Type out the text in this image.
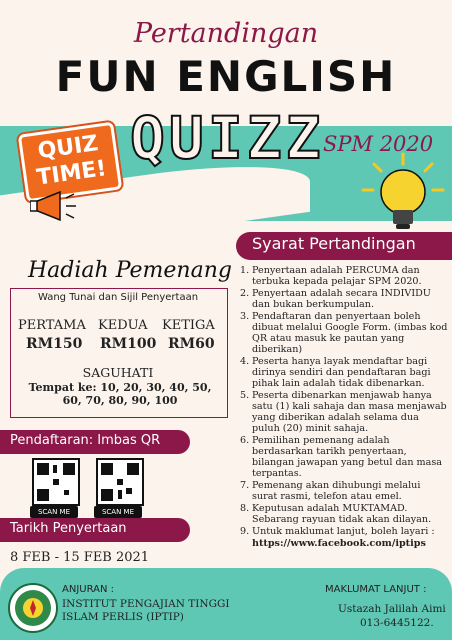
Pertandingan
FUN ENGLISH
QUIZZ
SPM 2020
QUIZ
TIME!
Syarat Pertandingan
1. Penyertaan adalah PERCUMA dan terbuka kepada pelajar SPM 2020.
2. Penyertaan adalah secara INDIVIDU dan bukan berkumpulan.
3. Pendaftaran dan penyertaan boleh dibuat melalui Google Form. (imbas kod QR atau masuk ke pautan yang diberikan)
4. Peserta hanya layak mendaftar bagi dirinya sendiri dan pendaftaran bagi pihak lain adalah tidak dibenarkan.
5. Peserta dibenarkan menjawab hanya satu (1) kali sahaja dan masa menjawab yang diberikan adalah selama dua puluh (20) minit sahaja.
6. Pemilihan pemenang adalah berdasarkan tarikh penyertaan, bilangan jawapan yang betul dan masa terpantas.
7. Pemenang akan dihubungi melalui surat rasmi, telefon atau emel.
8. Keputusan adalah MUKTAMAD. Sebarang rayuan tidak akan dilayan.
9. Untuk maklumat lanjut, boleh layari :
https://www.facebook.com/iptips
Hadiah Pemenang
Wang Tunai dan Sijil Penyertaan
PERTAMA KEDUA KETIGA
RM150 RM100 RM60
SAGUHATI
Tempat ke: 10, 20, 30, 40, 50, 60, 70, 80, 90, 100
Pendaftaran: Imbas QR
SCAN ME	SCAN ME
Tarikh Penyertaan
8 FEB - 15 FEB 2021
ANJURAN :
INSTITUT PENGAJIAN TINGGI
ISLAM PERLIS (IPTIP)
MAKLUMAT LANJUT :
Ustazah Jalilah Aimi
013-6445122.
